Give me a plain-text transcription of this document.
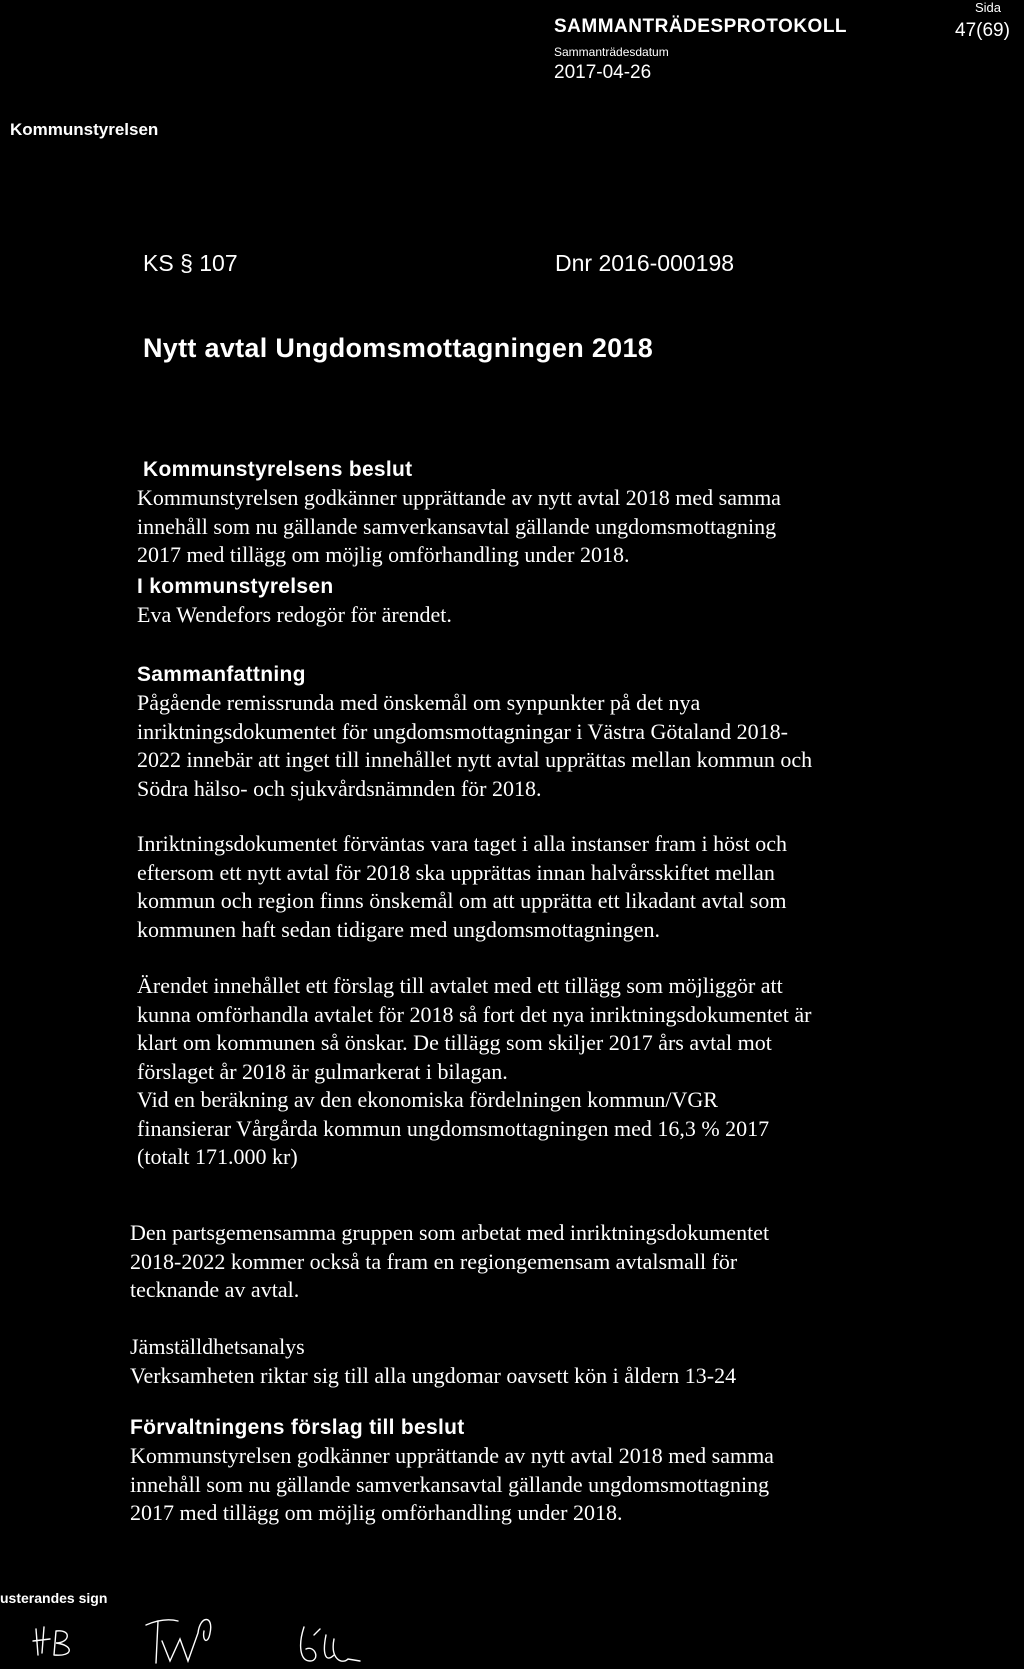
SAMMANTRÄDESPROTOKOLL
Sammanträdesdatum
2017-04-26
Sida
47(69)
Kommunstyrelsen
KS § 107	Dnr 2016-000198
Nytt avtal Ungdomsmottagningen 2018

Kommunstyrelsens beslut

Kommunstyrelsen godkänner upprättande av nytt avtal 2018 med samma
innehåll som nu gällande samverkansavtal gällande ungdomsmottagning
2017 med tillägg om möjlig omförhandling under 2018.

I kommunstyrelsen

Eva Wendefors redogör för ärendet.

Sammanfattning

Pågående remissrunda med önskemål om synpunkter på det nya
inriktningsdokumentet för ungdomsmottagningar i Västra Götaland 2018-
2022 innebär att inget till innehållet nytt avtal upprättas mellan kommun och
Södra hälso- och sjukvårdsnämnden för 2018.

Inriktningsdokumentet förväntas vara taget i alla instanser fram i höst och
eftersom ett nytt avtal för 2018 ska upprättas innan halvårsskiftet mellan
kommun och region finns önskemål om att upprätta ett likadant avtal som
kommunen haft sedan tidigare med ungdomsmottagningen.

Ärendet innehållet ett förslag till avtalet med ett tillägg som möjliggör att
kunna omförhandla avtalet för 2018 så fort det nya inriktningsdokumentet är
klart om kommunen så önskar. De tillägg som skiljer 2017 års avtal mot
förslaget år 2018 är gulmarkerat i bilagan.
Vid en beräkning av den ekonomiska fördelningen kommun/VGR
finansierar Vårgårda kommun ungdomsmottagningen med 16,3 % 2017
(totalt 171.000 kr)

Den partsgemensamma gruppen som arbetat med inriktningsdokumentet
2018-2022 kommer också ta fram en regiongemensam avtalsmall för
tecknande av avtal.

Jämställdhetsanalys

Verksamheten riktar sig till alla ungdomar oavsett kön i åldern 13-24

Förvaltningens förslag till beslut

Kommunstyrelsen godkänner upprättande av nytt avtal 2018 med samma
innehåll som nu gällande samverkansavtal gällande ungdomsmottagning
2017 med tillägg om möjlig omförhandling under 2018.

usterandes sign
